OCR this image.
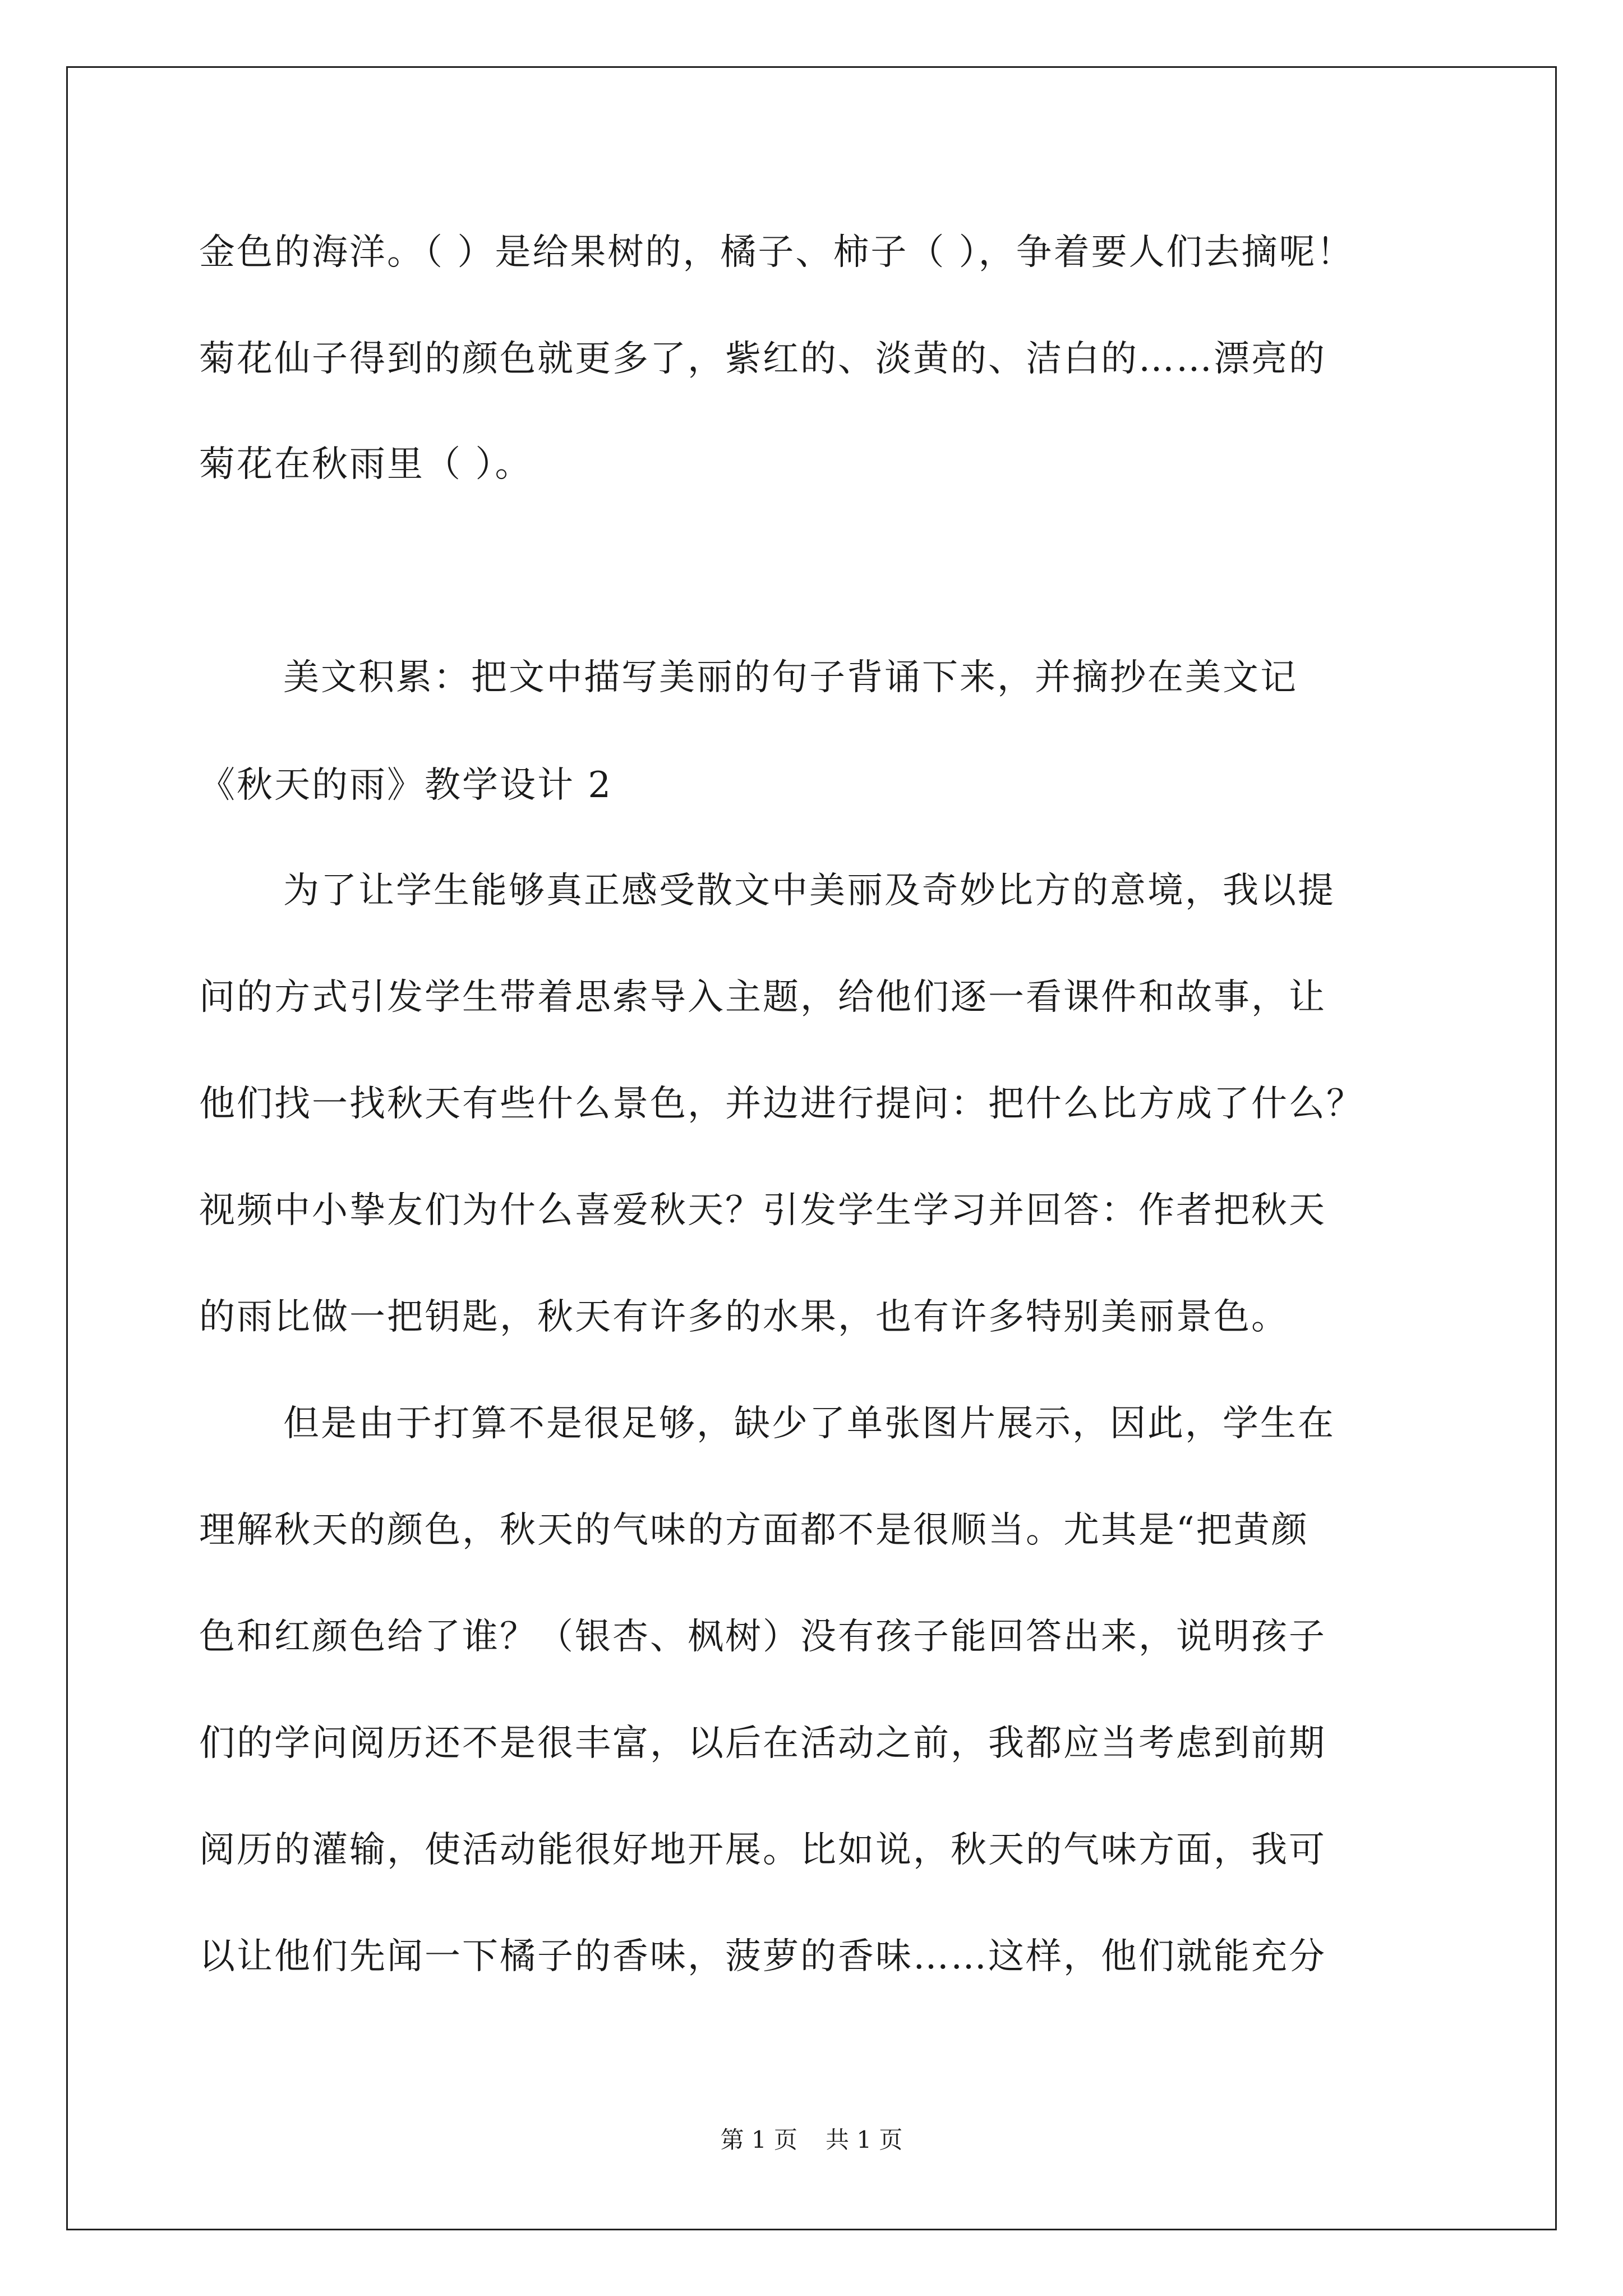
金色的海洋。（ ）是给果树的，橘子、柿子（ ），争着要人们去摘呢！

菊花仙子得到的颜色就更多了，紫红的、淡黄的、洁白的……漂亮的

菊花在秋雨里（ ）。

美文积累：把文中描写美丽的句子背诵下来，并摘抄在美文记

《秋天的雨》教学设计 2

为了让学生能够真正感受散文中美丽及奇妙比方的意境，我以提

问的方式引发学生带着思索导入主题，给他们逐一看课件和故事，让

他们找一找秋天有些什么景色，并边进行提问：把什么比方成了什么？

视频中小挚友们为什么喜爱秋天？引发学生学习并回答：作者把秋天

的雨比做一把钥匙，秋天有许多的水果，也有许多特别美丽景色。

但是由于打算不是很足够，缺少了单张图片展示，因此，学生在

理解秋天的颜色，秋天的气味的方面都不是很顺当。尤其是“把黄颜

色和红颜色给了谁？（银杏、枫树）没有孩子能回答出来，说明孩子

们的学问阅历还不是很丰富，以后在活动之前，我都应当考虑到前期

阅历的灌输，使活动能很好地开展。比如说，秋天的气味方面，我可

以让他们先闻一下橘子的香味，菠萝的香味……这样，他们就能充分

第 1 页 共 1 页
